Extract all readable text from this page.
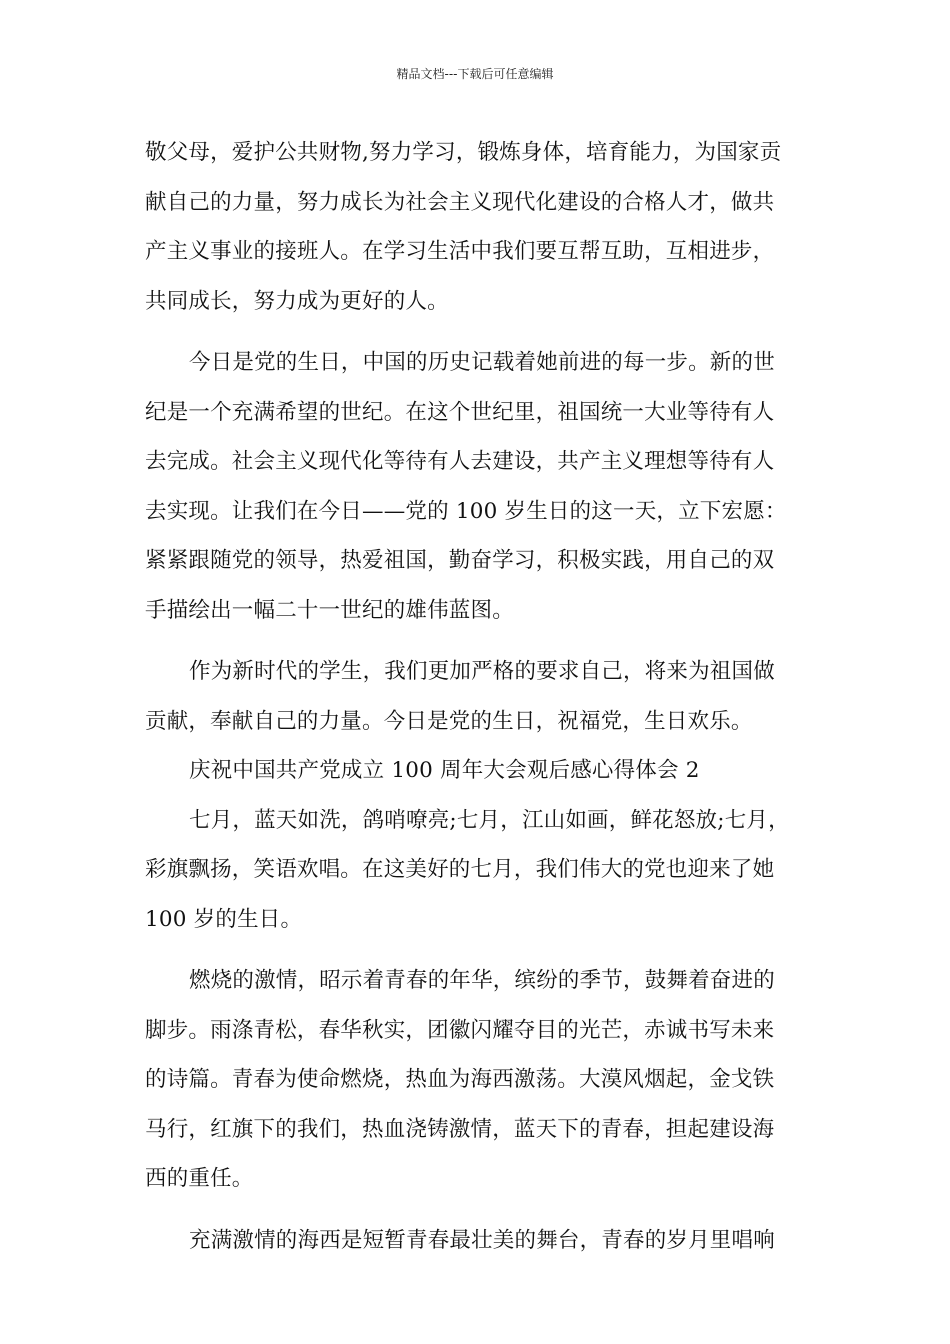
精品文档---下载后可任意编辑
敬父母，爱护公共财物,努力学习，锻炼身体，培育能力，为国家贡
献自己的力量，努力成长为社会主义现代化建设的合格人才，做共
产主义事业的接班人。在学习生活中我们要互帮互助，互相进步，
共同成长，努力成为更好的人。
今日是党的生日，中国的历史记载着她前进的每一步。新的世
纪是一个充满希望的世纪。在这个世纪里，祖国统一大业等待有人
去完成。社会主义现代化等待有人去建设，共产主义理想等待有人
去实现。让我们在今日——党的 100 岁生日的这一天，立下宏愿：
紧紧跟随党的领导，热爱祖国，勤奋学习，积极实践，用自己的双
手描绘出一幅二十一世纪的雄伟蓝图。
作为新时代的学生，我们更加严格的要求自己，将来为祖国做
贡献，奉献自己的力量。今日是党的生日，祝福党，生日欢乐。
庆祝中国共产党成立 100 周年大会观后感心得体会 2
七月，蓝天如洗，鸽哨嘹亮;七月，江山如画，鲜花怒放;七月，
彩旗飘扬，笑语欢唱。在这美好的七月，我们伟大的党也迎来了她
100 岁的生日。
燃烧的激情，昭示着青春的年华，缤纷的季节，鼓舞着奋进的
脚步。雨涤青松，春华秋实，团徽闪耀夺目的光芒，赤诚书写未来
的诗篇。青春为使命燃烧，热血为海西激荡。大漠风烟起，金戈铁
马行，红旗下的我们，热血浇铸激情，蓝天下的青春，担起建设海
西的重任。
充满激情的海西是短暂青春最壮美的舞台，青春的岁月里唱响
